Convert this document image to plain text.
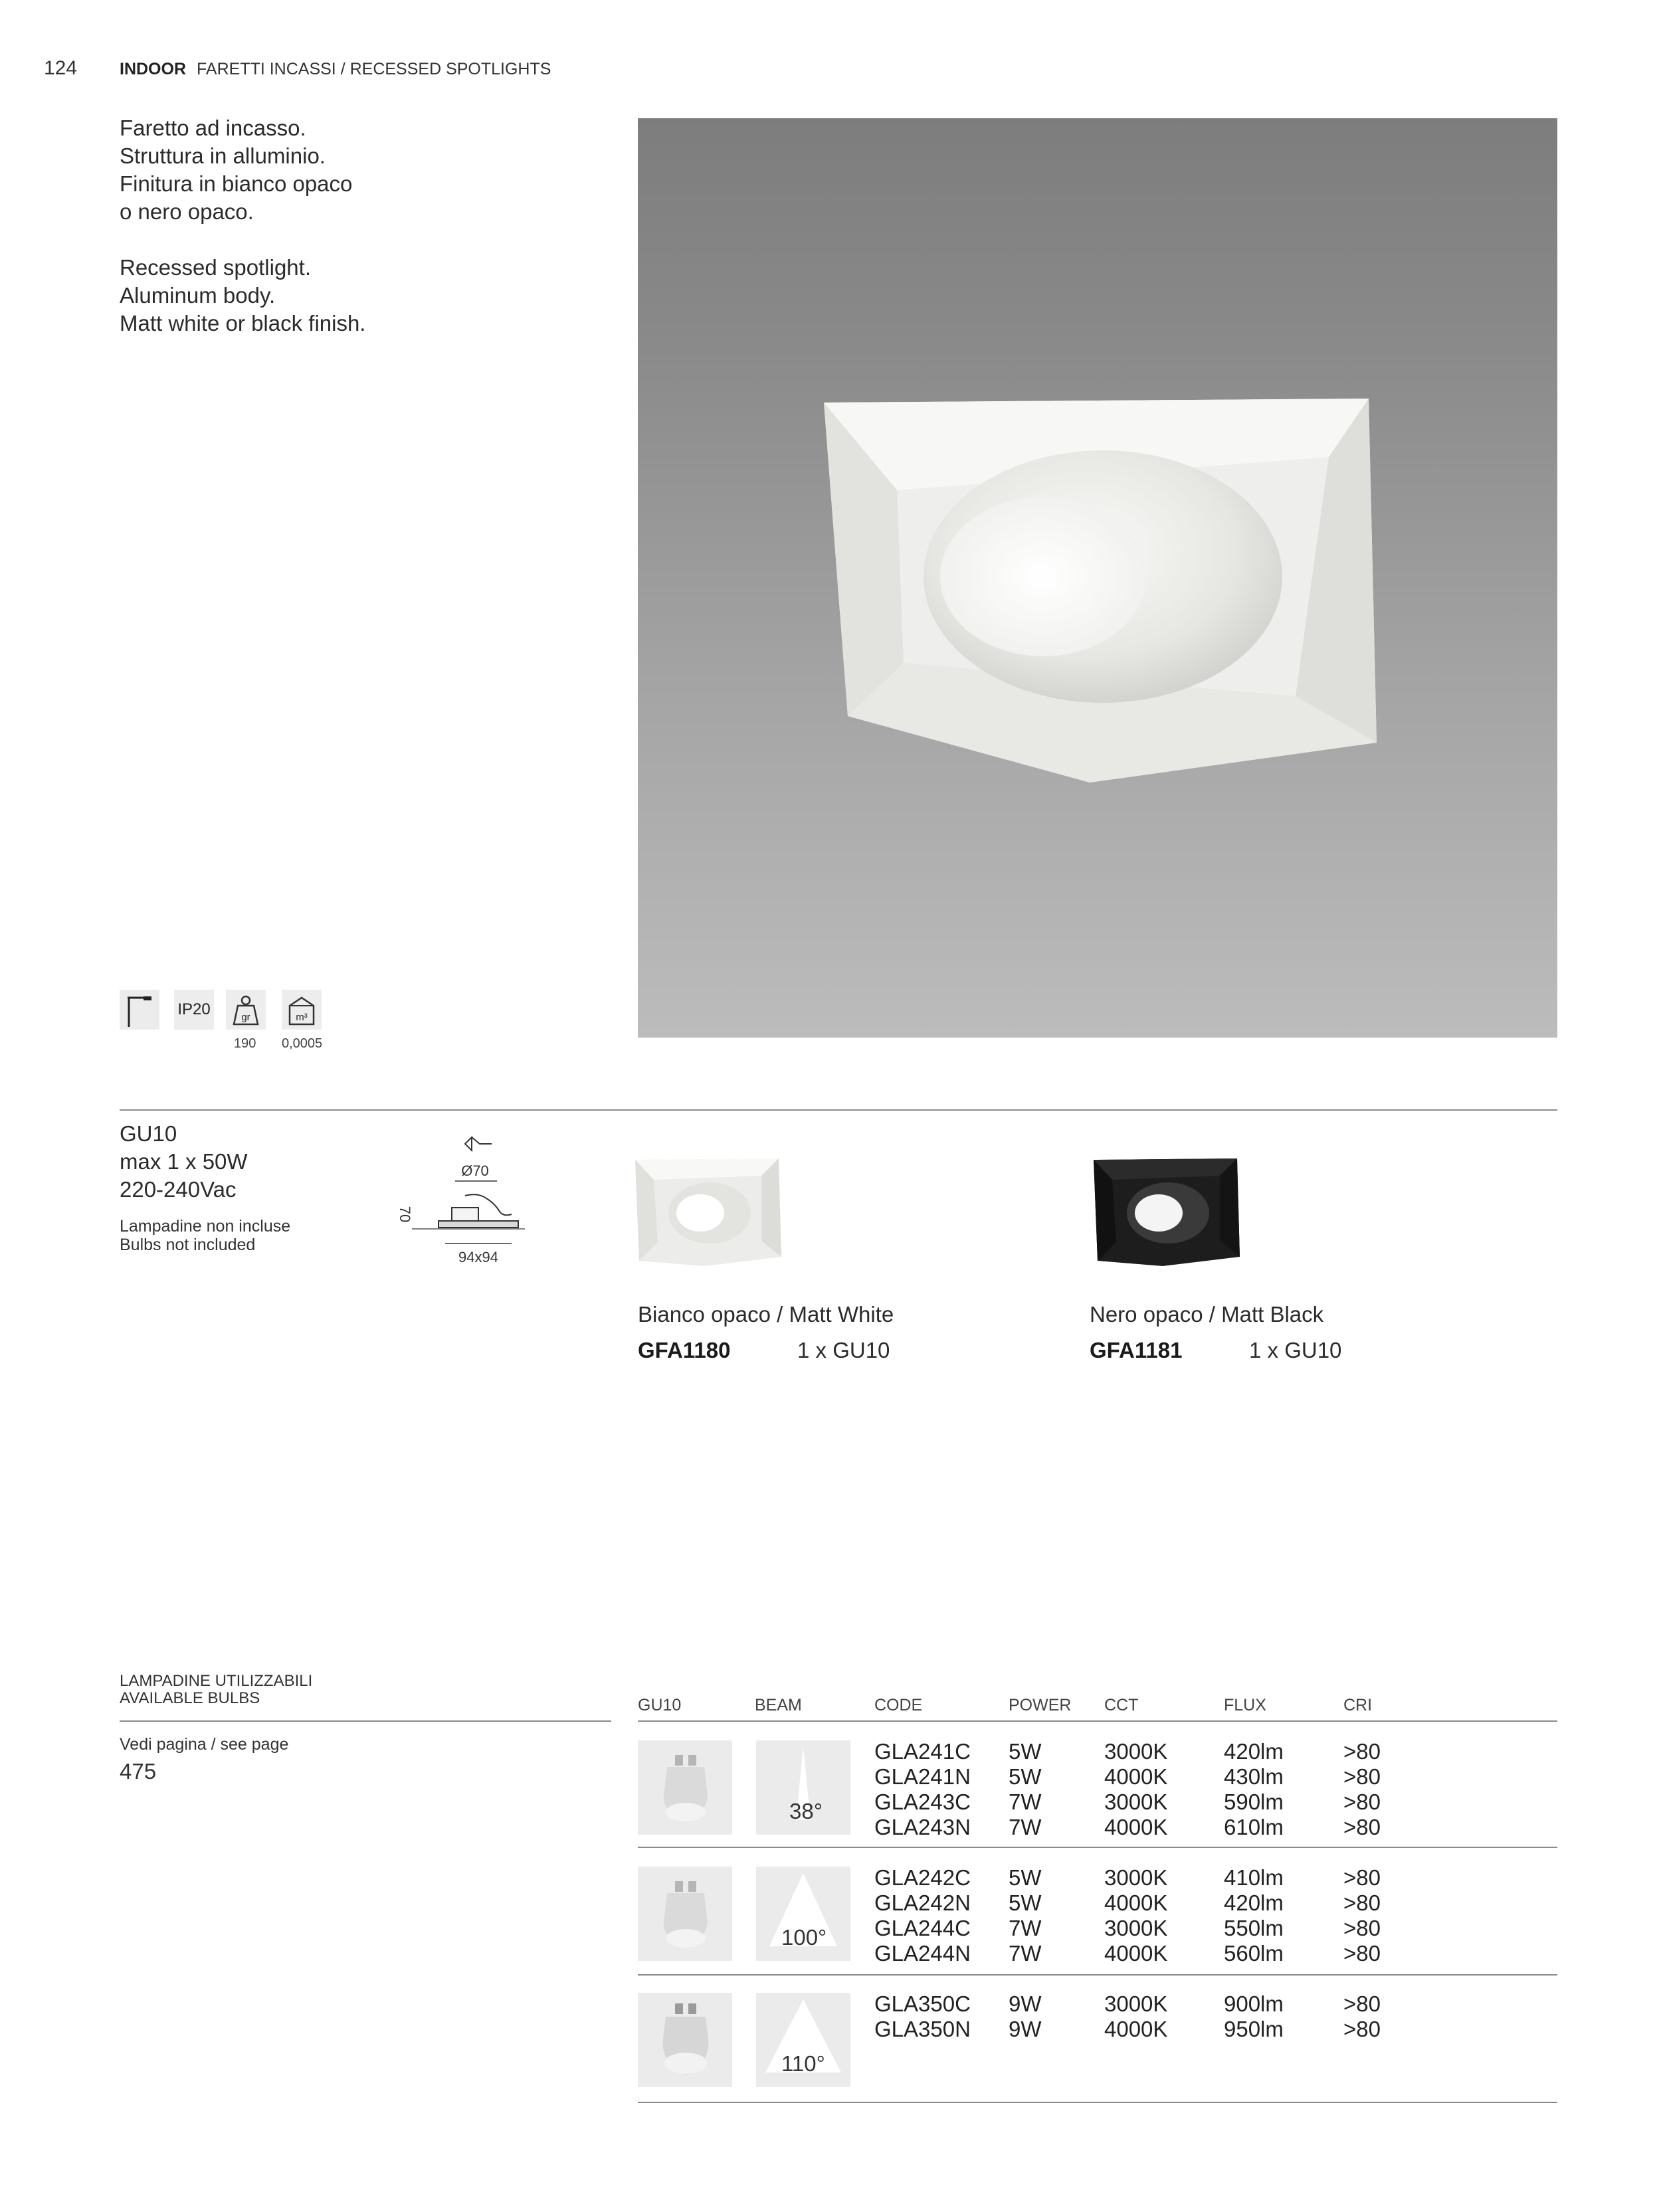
124	INDOOR FARETTI INCASSI / RECESSED SPOTLIGHTS
Faretto ad incasso.
Struttura in alluminio.
Finitura in bianco opaco
o nero opaco.
Recessed spotlight.
Aluminum body.
Matt white or black finish.
IP20	gr	m³
190 0,0005
GU10
max 1 x 50W
220-240Vac
Lampadine non incluse
Bulbs not included
Ø70
70
94x94
Bianco opaco / Matt White
GFA1180	1 x GU10
Nero opaco / Matt Black
GFA1181	1 x GU10
LAMPADINE UTILIZZABILI
AVAILABLE BULBS
Vedi pagina / see page
475
GU10	BEAM	CODE	POWER CCT	FLUX	CRI
38°
GLA241C 5W	3000K	420lm	>80
GLA241N 5W	4000K	430lm	>80
GLA243C 7W	3000K	590lm	>80
GLA243N 7W	4000K	610lm	>80
100°
GLA242C 5W	3000K	410lm	>80
GLA242N 5W	4000K	420lm	>80
GLA244C 7W	3000K	550lm	>80
GLA244N 7W	4000K	560lm	>80
110°
GLA350C 9W	3000K	900lm	>80
GLA350N 9W	4000K	950lm	>80
